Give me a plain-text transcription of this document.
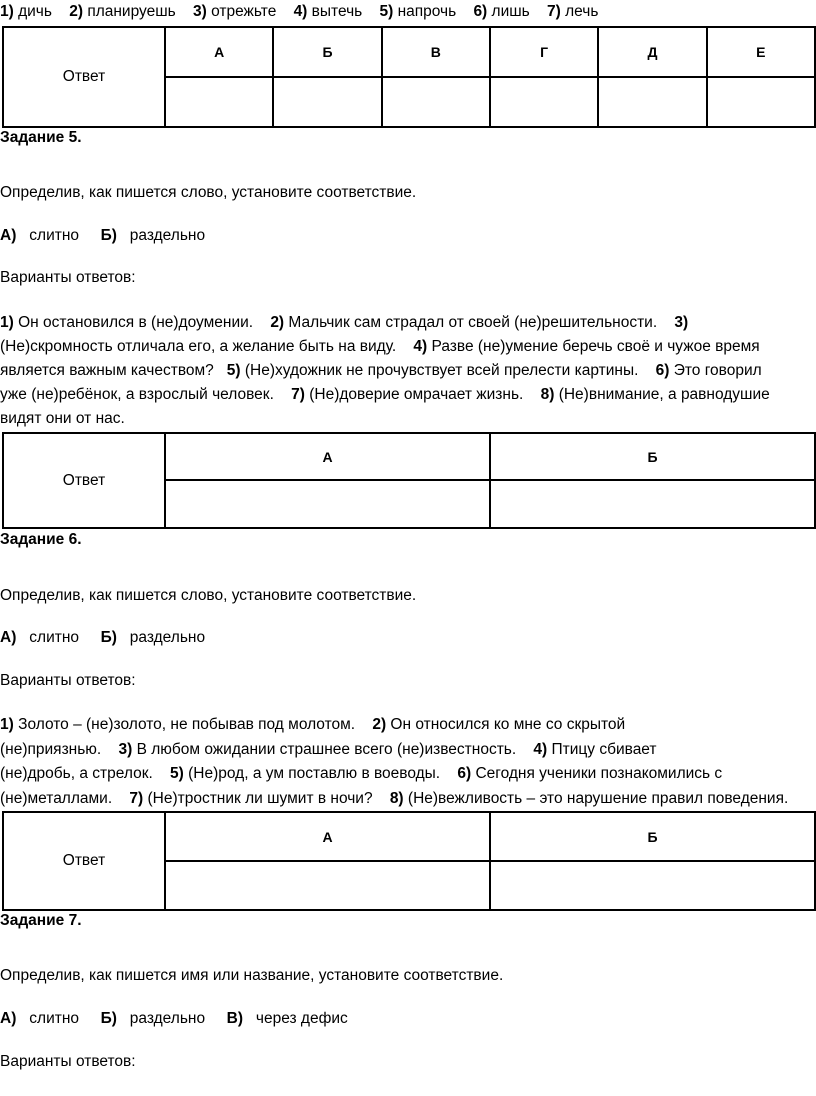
1) дичь 2) планируешь 3) отрежьте 4) вытечь 5) напрочь 6) лишь 7) лечь
Ответ	А	Б	В	Г	Д	Е

Задание 5.
Определив, как пишется слово, установите соответствие.
А) слитно Б) раздельно
Варианты ответов:
1) Он остановился в (не)доумении.    2) Мальчик сам страдал от своей (не)решительности.    3)
(Не)скромность отличала его, а желание быть на виду.    4) Разве (не)умение беречь своё и чужое время
является важным качеством?   5) (Не)художник не прочувствует всей прелести картины.    6) Это говорил
уже (не)ребёнок, а взрослый человек.    7) (Не)доверие омрачает жизнь.    8) (Не)внимание, а равнодушие
видят они от нас.
Ответ	А	Б

Задание 6.
Определив, как пишется слово, установите соответствие.
А) слитно Б) раздельно
Варианты ответов:
1) Золото – (не)золото, не побывав под молотом.    2) Он относился ко мне со скрытой
(не)приязнью.    3) В любом ожидании страшнее всего (не)известность.    4) Птицу сбивает
(не)дробь, а стрелок.    5) (Не)род, а ум поставлю в воеводы.    6) Сегодня ученики познакомились с
(не)металлами.    7) (Не)тростник ли шумит в ночи?    8) (Не)вежливость – это нарушение правил поведения.
Ответ	А	Б

Задание 7.
Определив, как пишется имя или название, установите соответствие.
А) слитно Б) раздельно В) через дефис
Варианты ответов:
